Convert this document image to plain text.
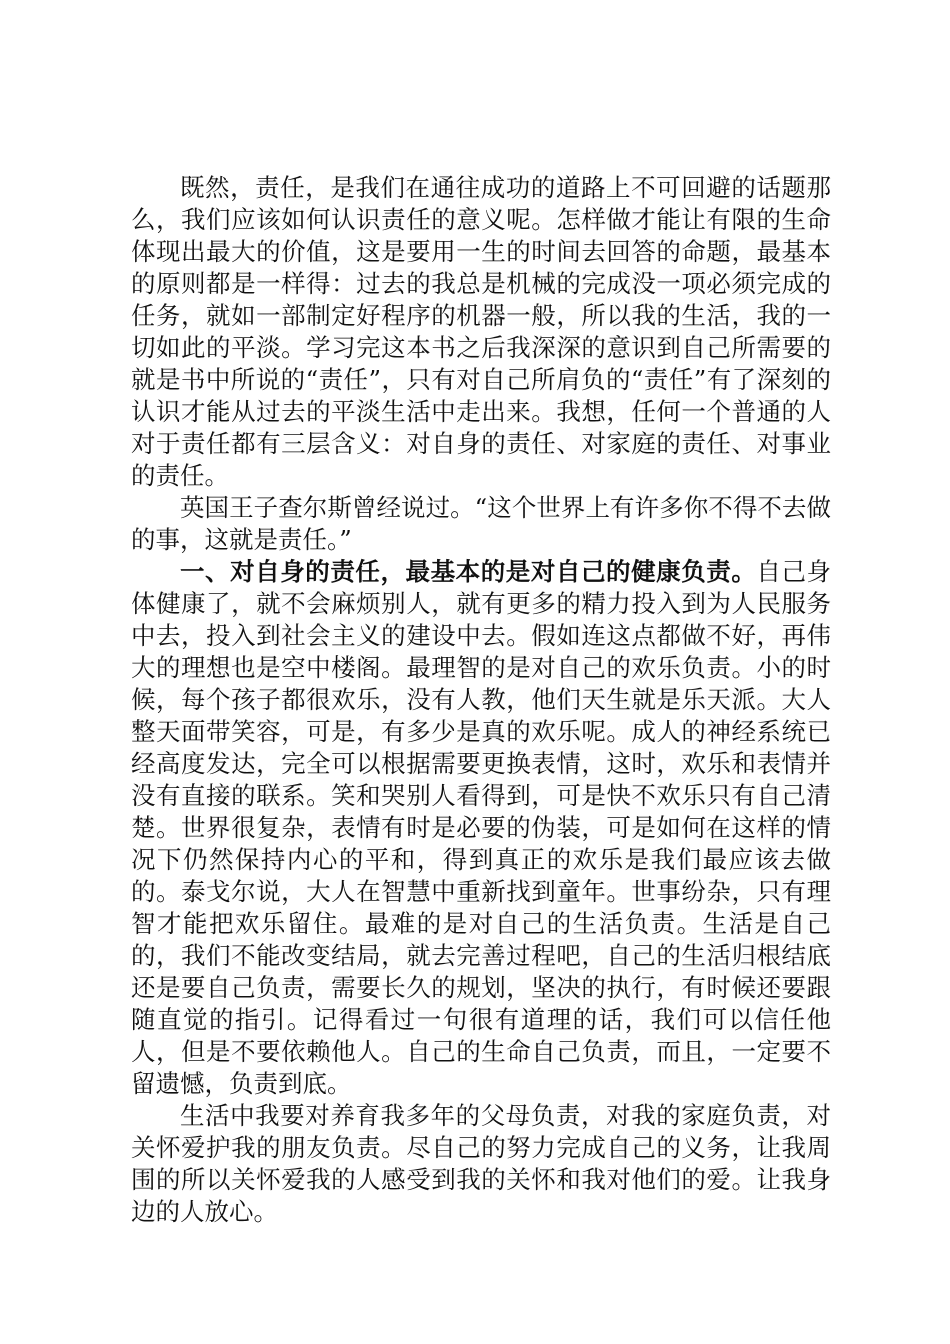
既然，责任，是我们在通往成功的道路上不可回避的话题那么，我们应该如何认识责任的意义呢。怎样做才能让有限的生命体现出最大的价值，这是要用一生的时间去回答的命题，最基本的原则都是一样得：过去的我总是机械的完成没一项必须完成的任务，就如一部制定好程序的机器一般，所以我的生活，我的一切如此的平淡。学习完这本书之后我深深的意识到自己所需要的就是书中所说的“责任”，只有对自己所肩负的“责任”有了深刻的认识才能从过去的平淡生活中走出来。我想，任何一个普通的人对于责任都有三层含义：对自身的责任、对家庭的责任、对事业的责任。

英国王子查尔斯曾经说过。“这个世界上有许多你不得不去做的事，这就是责任。”

一、对自身的责任，最基本的是对自己的健康负责。自己身体健康了，就不会麻烦别人，就有更多的精力投入到为人民服务中去，投入到社会主义的建设中去。假如连这点都做不好，再伟大的理想也是空中楼阁。最理智的是对自己的欢乐负责。小的时候，每个孩子都很欢乐，没有人教，他们天生就是乐天派。大人整天面带笑容，可是，有多少是真的欢乐呢。成人的神经系统已经高度发达，完全可以根据需要更换表情，这时，欢乐和表情并没有直接的联系。笑和哭别人看得到，可是快不欢乐只有自己清楚。世界很复杂，表情有时是必要的伪装，可是如何在这样的情况下仍然保持内心的平和，得到真正的欢乐是我们最应该去做的。泰戈尔说，大人在智慧中重新找到童年。世事纷杂，只有理智才能把欢乐留住。最难的是对自己的生活负责。生活是自己的，我们不能改变结局，就去完善过程吧，自己的生活归根结底还是要自己负责，需要长久的规划，坚决的执行，有时候还要跟随直觉的指引。记得看过一句很有道理的话，我们可以信任他人，但是不要依赖他人。自己的生命自己负责，而且，一定要不留遗憾，负责到底。

生活中我要对养育我多年的父母负责，对我的家庭负责，对关怀爱护我的朋友负责。尽自己的努力完成自己的义务，让我周围的所以关怀爱我的人感受到我的关怀和我对他们的爱。让我身边的人放心。
